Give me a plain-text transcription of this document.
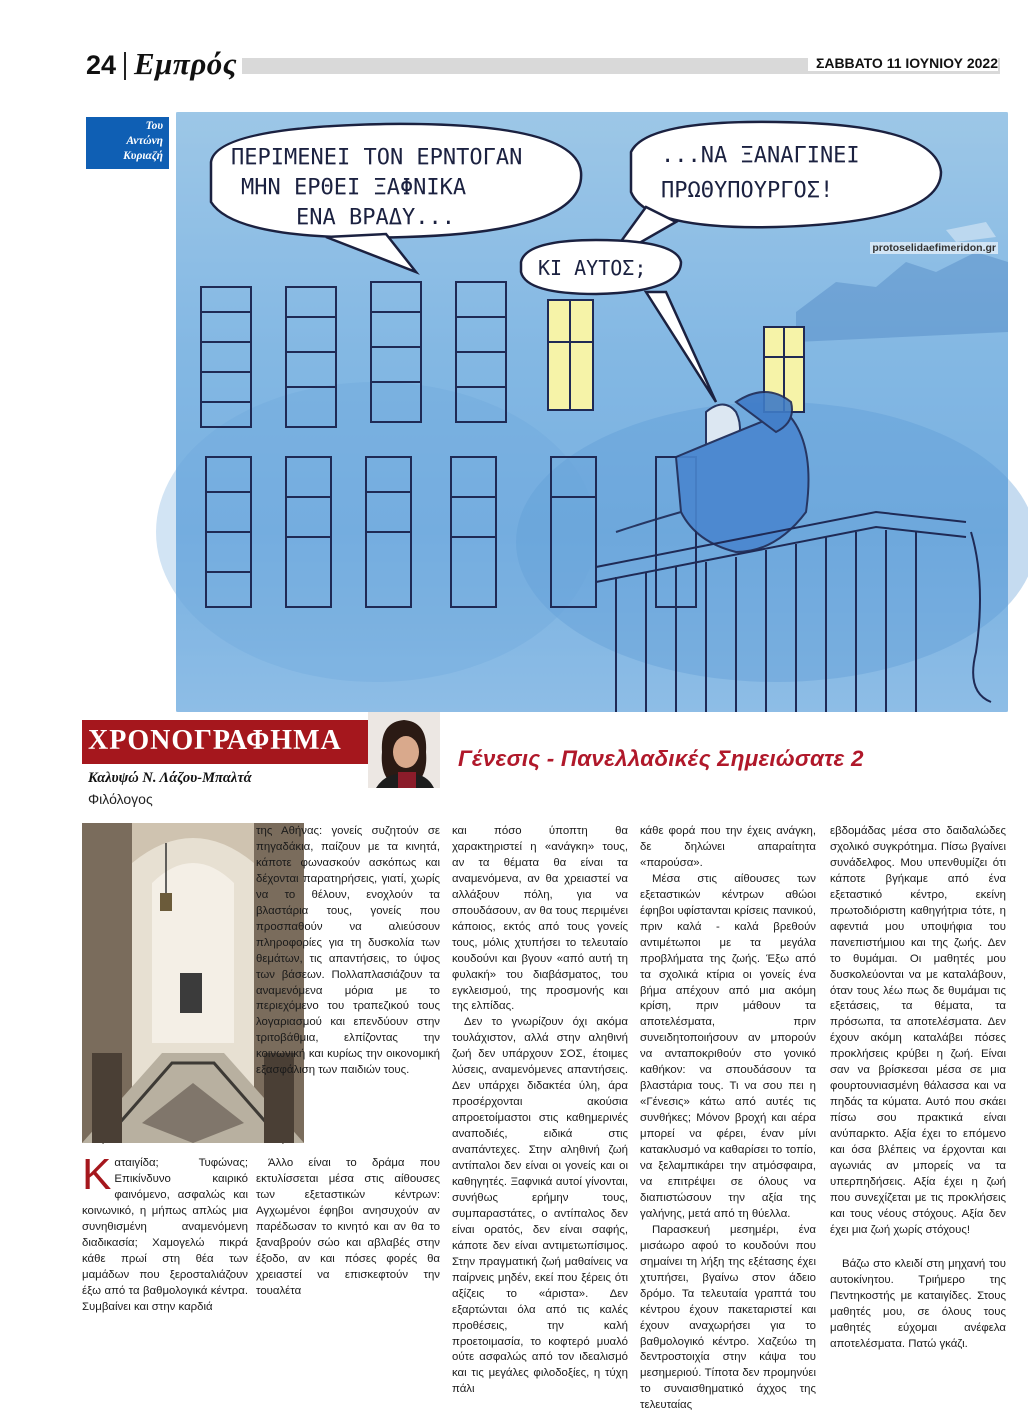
24 Εμπρός	ΣΑΒΒΑΤΟ 11 ΙΟΥΝΙΟΥ 2022
Του
Αντώνη
Κυριαζή	ΠΕΡΙΜΕΝΕΙ ΤΟΝ ΕΡΝΤΟΓΑΝ
ΜΗΝ ΕΡΘΕΙ ΞΑΦΝΙΚΑ
ΕΝΑ ΒΡΑΔΥ...
...ΝΑ ΞΑΝΑΓΙΝΕΙ
ΠΡΩΘΥΠΟΥΡΓΟΣ!
ΚΙ ΑΥΤΟΣ;
protoselidaefimeridon.gr
ΧΡΟΝΟΓΡΑΦΗΜΑ
Καλυψώ Ν. Λάζου-Μπαλτά
Φιλόλογος
Γένεσις - Πανελλαδικές Σημειώσατε 2

Καταιγίδα; Τυφώνας; Επικίνδυνο καιρικό φαινόμενο, ασφαλώς και κοινωνικό, η μήπως απλώς μια συνηθισμένη αναμενόμενη διαδικασία; Χαμογελώ πικρά κάθε πρωί στη θέα των μαμάδων που ξεροσταλιάζουν έξω από τα βαθμολογικά κέντρα. Συμβαίνει και στην καρδιά

της Αθήνας: γονείς συζητούν σε πηγαδάκια, παίζουν με τα κινητά, κάποτε φωνασκούν ασκόπως και δέχονται παρατηρήσεις, γιατί, χωρίς να το θέλουν, ενοχλούν τα βλαστάρια τους, γονείς που προσπαθούν να αλιεύσουν πληροφορίες για τη δυσκολία των θεμάτων, τις απαντήσεις, το ύψος των βάσεων. Πολλαπλασιάζουν τα αναμενόμενα μόρια με το περιεχόμενο του τραπεζικού τους λογαριασμού και επενδύουν στην τριτοβάθμια, ελπίζοντας την κοινωνική και κυρίως την οικονομική εξασφάλιση των παιδιών τους.

Άλλο είναι το δράμα που εκτυλίσσεται μέσα στις αίθουσες των εξεταστικών κέντρων: Αγχωμένοι έφηβοι ανησυχούν αν παρέδωσαν το κινητό και αν θα το ξαναβρούν σώο και αβλαβές στην έξοδο, αν και πόσες φορές θα χρειαστεί να επισκεφτούν την τουαλέτα

και πόσο ύποπτη θα χαρακτηριστεί η «ανάγκη» τους, αν τα θέματα θα είναι τα αναμενόμενα, αν θα χρειαστεί να αλλάξουν πόλη, για να σπουδάσουν, αν θα τους περιμένει κάποιος, εκτός από τους γονείς τους, μόλις χτυπήσει το τελευταίο κουδούνι και βγουν «από αυτή τη φυλακή» του διαβάσματος, του εγκλεισμού, της προσμονής και της ελπίδας.

Δεν το γνωρίζουν όχι ακόμα τουλάχιστον, αλλά στην αληθινή ζωή δεν υπάρχουν ΣΟΣ, έτοιμες λύσεις, αναμενόμενες απαντήσεις. Δεν υπάρχει διδακτέα ύλη, άρα προσέρχονται ακούσια απροετοίμαστοι στις καθημερινές αναποδιές, ειδικά στις αναπάντεχες. Στην αληθινή ζωή αντίπαλοι δεν είναι οι γονείς και οι καθηγητές. Ξαφνικά αυτοί γίνονται, συνήθως ερήμην τους, συμπαραστάτες, ο αντίπαλος δεν είναι ορατός, δεν είναι σαφής, κάποτε δεν είναι αντιμετωπίσιμος. Στην πραγματική ζωή μαθαίνεις να παίρνεις μηδέν, εκεί που ξέρεις ότι αξίζεις το «άριστα». Δεν εξαρτώνται όλα από τις καλές προθέσεις, την καλή προετοιμασία, το κοφτερό μυαλό ούτε ασφαλώς από τον ιδεαλισμό και τις μεγάλες φιλοδοξίες, η τύχη πάλι

κάθε φορά που την έχεις ανάγκη, δε δηλώνει απαραίτητα «παρούσα».

Μέσα στις αίθουσες των εξεταστικών κέντρων αθώοι έφηβοι υφίστανται κρίσεις πανικού, πριν καλά - καλά βρεθούν αντιμέτωποι με τα μεγάλα προβλήματα της ζωής. Έξω από τα σχολικά κτίρια οι γονείς ένα βήμα απέχουν από μια ακόμη κρίση, πριν μάθουν τα αποτελέσματα, πριν συνειδητοποιήσουν αν μπορούν να ανταποκριθούν στο γονικό καθήκον: να σπουδάσουν τα βλαστάρια τους. Τι να σου πει η «Γένεσις» κάτω από αυτές τις συνθήκες; Μόνον βροχή και αέρα μπορεί να φέρει, έναν μίνι κατακλυσμό να καθαρίσει το τοπίο, να ξελαμπικάρει την ατμόσφαιρα, να επιτρέψει σε όλους να διαπιστώσουν την αξία της γαλήνης, μετά από τη θύελλα.

Παρασκευή μεσημέρι, ένα μισάωρο αφού το κουδούνι που σημαίνει τη λήξη της εξέτασης έχει χτυπήσει, βγαίνω στον άδειο δρόμο. Τα τελευταία γραπτά του κέντρου έχουν πακεταριστεί και έχουν αναχωρήσει για το βαθμολογικό κέντρο. Χαζεύω τη δεντροστοιχία στην κάψα του μεσημεριού. Τίποτα δεν προμηνύει το συναισθηματικό άχχος της τελευταίας

εβδομάδας μέσα στο δαιδαλώδες σχολικό συγκρότημα. Πίσω βγαίνει συνάδελφος. Μου υπενθυμίζει ότι κάποτε βγήκαμε από ένα εξεταστικό κέντρο, εκείνη πρωτοδιόριστη καθηγήτρια τότε, η αφεντιά μου υποψήφια του πανεπιστήμιου και της ζωής. Δεν το θυμάμαι. Οι μαθητές μου δυσκολεύονται να με καταλάβουν, όταν τους λέω πως δε θυμάμαι τις εξετάσεις, τα θέματα, τα πρόσωπα, τα αποτελέσματα. Δεν έχουν ακόμη καταλάβει πόσες προκλήσεις κρύβει η ζωή. Είναι σαν να βρίσκεσαι μέσα σε μια φουρτουνιασμένη θάλασσα και να πηδάς τα κύματα. Αυτό που σκάει πίσω σου πρακτικά είναι ανύπαρκτο. Αξία έχει το επόμενο και όσα βλέπεις να έρχονται και αγωνιάς αν μπορείς να τα υπερπηδήσεις. Αξία έχει η ζωή που συνεχίζεται με τις προκλήσεις και τους νέους στόχους. Αξία δεν έχει μια ζωή χωρίς στόχους!

Βάζω στο κλειδί στη μηχανή του αυτοκίνητου. Τριήμερο της Πεντηκοστής με καταιγίδες. Στους μαθητές μου, σε όλους τους μαθητές εύχομαι ανέφελα αποτελέσματα. Πατώ γκάζι.
